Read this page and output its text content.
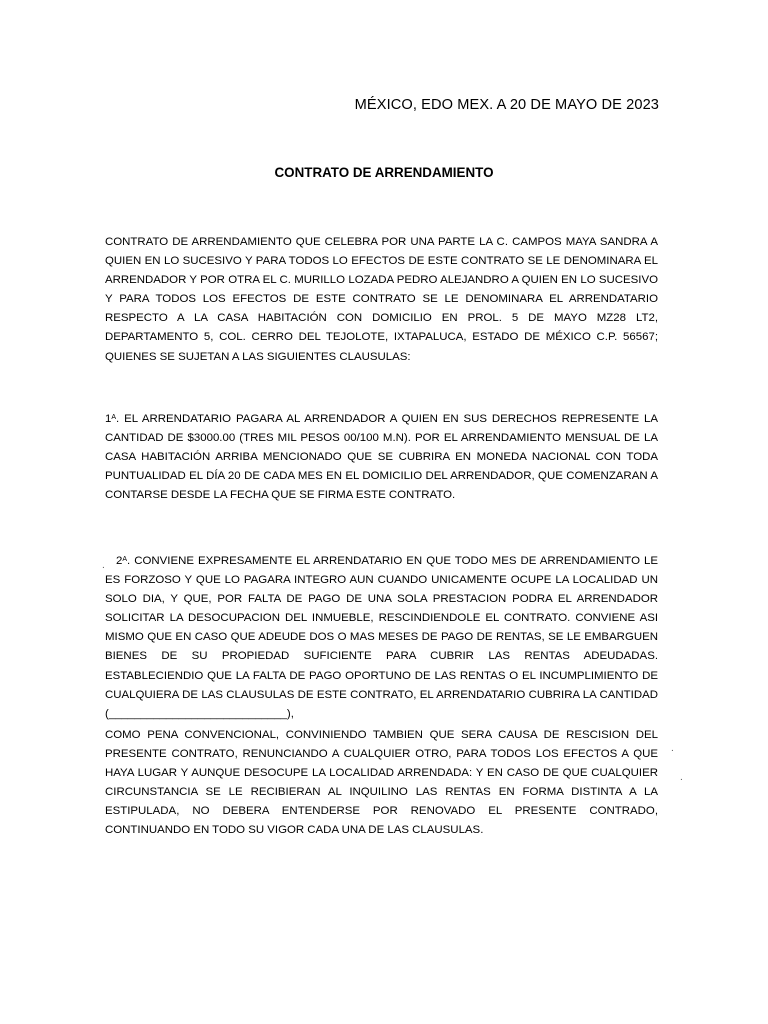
MÉXICO, EDO MEX. A 20 DE MAYO DE 2023
CONTRATO DE ARRENDAMIENTO
CONTRATO DE ARRENDAMIENTO QUE CELEBRA POR UNA PARTE LA C. CAMPOS MAYA SANDRA A QUIEN EN LO SUCESIVO Y PARA TODOS LO EFECTOS DE ESTE CONTRATO SE LE DENOMINARA EL ARRENDADOR Y POR OTRA EL C. MURILLO LOZADA PEDRO ALEJANDRO A QUIEN EN LO SUCESIVO Y PARA TODOS LOS EFECTOS DE ESTE CONTRATO SE LE DENOMINARA EL ARRENDATARIO RESPECTO A LA CASA HABITACIÓN CON DOMICILIO EN PROL. 5 DE MAYO MZ28 LT2, DEPARTAMENTO 5, COL. CERRO DEL TEJOLOTE, IXTAPALUCA, ESTADO DE MÉXICO C.P. 56567; QUIENES SE SUJETAN A LAS SIGUIENTES CLAUSULAS:
$1^A$. EL ARRENDATARIO PAGARA AL ARRENDADOR A QUIEN EN SUS DERECHOS REPRESENTE LA CANTIDAD DE $3000.00 (TRES MIL PESOS 00/100 M.N). POR EL ARRENDAMIENTO MENSUAL DE LA CASA HABITACIÓN ARRIBA MENCIONADO QUE SE CUBRIRA EN MONEDA NACIONAL CON TODA PUNTUALIDAD EL DÍA 20 DE CADA MES EN EL DOMICILIO DEL ARRENDADOR, QUE COMENZARAN A CONTARSE DESDE LA FECHA QUE SE FIRMA ESTE CONTRATO.
$2^A$. CONVIENE EXPRESAMENTE EL ARRENDATARIO EN QUE TODO MES DE ARRENDAMIENTO LE ES FORZOSO Y QUE LO PAGARA INTEGRO AUN CUANDO UNICAMENTE OCUPE LA LOCALIDAD UN SOLO DIA, Y QUE, POR FALTA DE PAGO DE UNA SOLA PRESTACION PODRA EL ARRENDADOR SOLICITAR LA DESOCUPACION DEL INMUEBLE, RESCINDIENDOLE EL CONTRATO. CONVIENE ASI MISMO QUE EN CASO QUE ADEUDE DOS O MAS MESES DE PAGO DE RENTAS, SE LE EMBARGUEN BIENES DE SU PROPIEDAD SUFICIENTE PARA CUBRIR LAS RENTAS ADEUDADAS. ESTABLECIENDIO QUE LA FALTA DE PAGO OPORTUNO DE LAS RENTAS O EL INCUMPLIMIENTO DE CUALQUIERA DE LAS CLAUSULAS DE ESTE CONTRATO, EL ARRENDATARIO CUBRIRA LA CANTIDAD (____________________________),
COMO PENA CONVENCIONAL, CONVINIENDO TAMBIEN QUE SERA CAUSA DE RESCISION DEL PRESENTE CONTRATO, RENUNCIANDO A CUALQUIER OTRO, PARA TODOS LOS EFECTOS A QUE HAYA LUGAR Y AUNQUE DESOCUPE LA LOCALIDAD ARRENDADA: Y EN CASO DE QUE CUALQUIER CIRCUNSTANCIA SE LE RECIBIERAN AL INQUILINO LAS RENTAS EN FORMA DISTINTA A LA ESTIPULADA, NO DEBERA ENTENDERSE POR RENOVADO EL PRESENTE CONTRADO, CONTINUANDO EN TODO SU VIGOR CADA UNA DE LAS CLAUSULAS.
.
.
.
